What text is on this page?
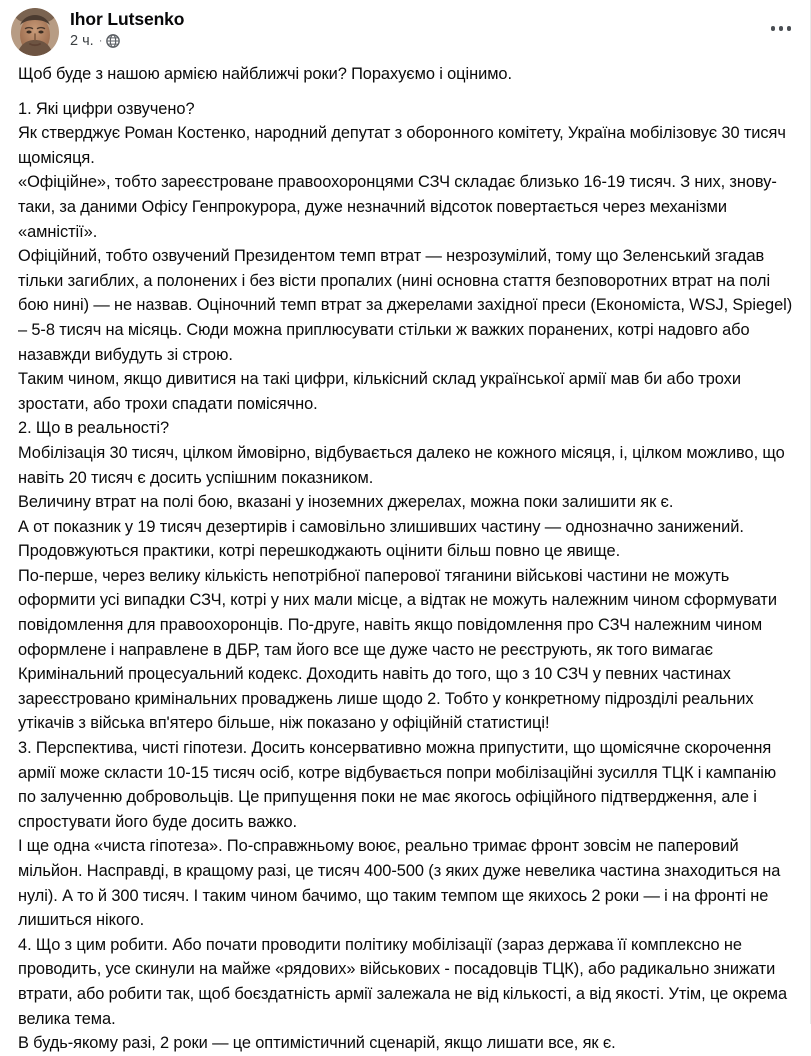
Ihor Lutsenko
2 ч. ·

Щоб буде з нашою армією найближчі роки? Порахуємо і оцінимо.

1. Які цифри озвучено?

Як стверджує Роман Костенко, народний депутат з оборонного комітету, Україна мобілізовує 30 тисяч щомісяця.

«Офіційне», тобто зареєстроване правоохоронцями СЗЧ складає близько 16-19 тисяч. З них, знову-таки, за даними Офісу Генпрокурора, дуже незначний відсоток повертається через механізми «амністії».

Офіційний, тобто озвучений Президентом темп втрат — незрозумілий, тому що Зеленський згадав тільки загиблих, а полонених і без вісти пропалих (нині основна стаття безповоротних втрат на полі бою нині) — не назвав. Оціночний темп втрат за джерелами західної преси (Економіста, WSJ, Spiegel) – 5-8 тисяч на місяць. Сюди можна приплюсувати стільки ж важких поранених, котрі надовго або назавжди вибудуть зі строю.

Таким чином, якщо дивитися на такі цифри, кількісний склад української армії мав би або трохи зростати, або трохи спадати помісячно.

2. Що в реальності?

Мобілізація 30 тисяч, цілком ймовірно, відбувається далеко не кожного місяця, і, цілком можливо, що навіть 20 тисяч є досить успішним показником.

Величину втрат на полі бою, вказані у іноземних джерелах, можна поки залишити як є.

А от показник у 19 тисяч дезертирів і самовільно злишивших частину — однозначно занижений. Продовжуються практики, котрі перешкоджають оцінити більш повно це явище.

По-перше, через велику кількість непотрібної паперової тяганини військові частини не можуть оформити усі випадки СЗЧ, котрі у них мали місце, а відтак не можуть належним чином сформувати повідомлення для правоохоронців. По-друге, навіть якщо повідомлення про СЗЧ належним чином оформлене і направлене в ДБР, там його все ще дуже часто не реєструють, як того вимагає Кримінальний процесуальний кодекс. Доходить навіть до того, що з 10 СЗЧ у певних частинах зареєстровано кримінальних проваджень лише щодо 2. Тобто у конкретному підрозділі реальних утікачів з війська вп'ятеро більше, ніж показано у офіційній статистиці!

3. Перспектива, чисті гіпотези. Досить консервативно можна припустити, що щомісячне скорочення армії може скласти 10-15 тисяч осіб, котре відбувається попри мобілізаційні зусилля ТЦК і кампанію по залученню добровольців. Це припущення поки не має якогось офіційного підтвердження, але і спростувати його буде досить важко.

І ще одна «чиста гіпотеза». По-справжньому воює, реально тримає фронт зовсім не паперовий мільйон. Насправді, в кращому разі, це тисяч 400-500 (з яких дуже невелика частина знаходиться на нулі). А то й 300 тисяч. І таким чином бачимо, що таким темпом ще якихось 2 роки — і на фронті не лишиться нікого.

4. Що з цим робити. Або почати проводити політику мобілізації (зараз держава її комплексно не проводить, усе скинули на майже «рядових» військових - посадовців ТЦК), або радикально знижати втрати, або робити так, щоб боєздатність армії залежала не від кількості, а від якості. Утім, це окрема велика тема.

В будь-якому разі, 2 роки — це оптимістичний сценарій, якщо лишати все, як є.
